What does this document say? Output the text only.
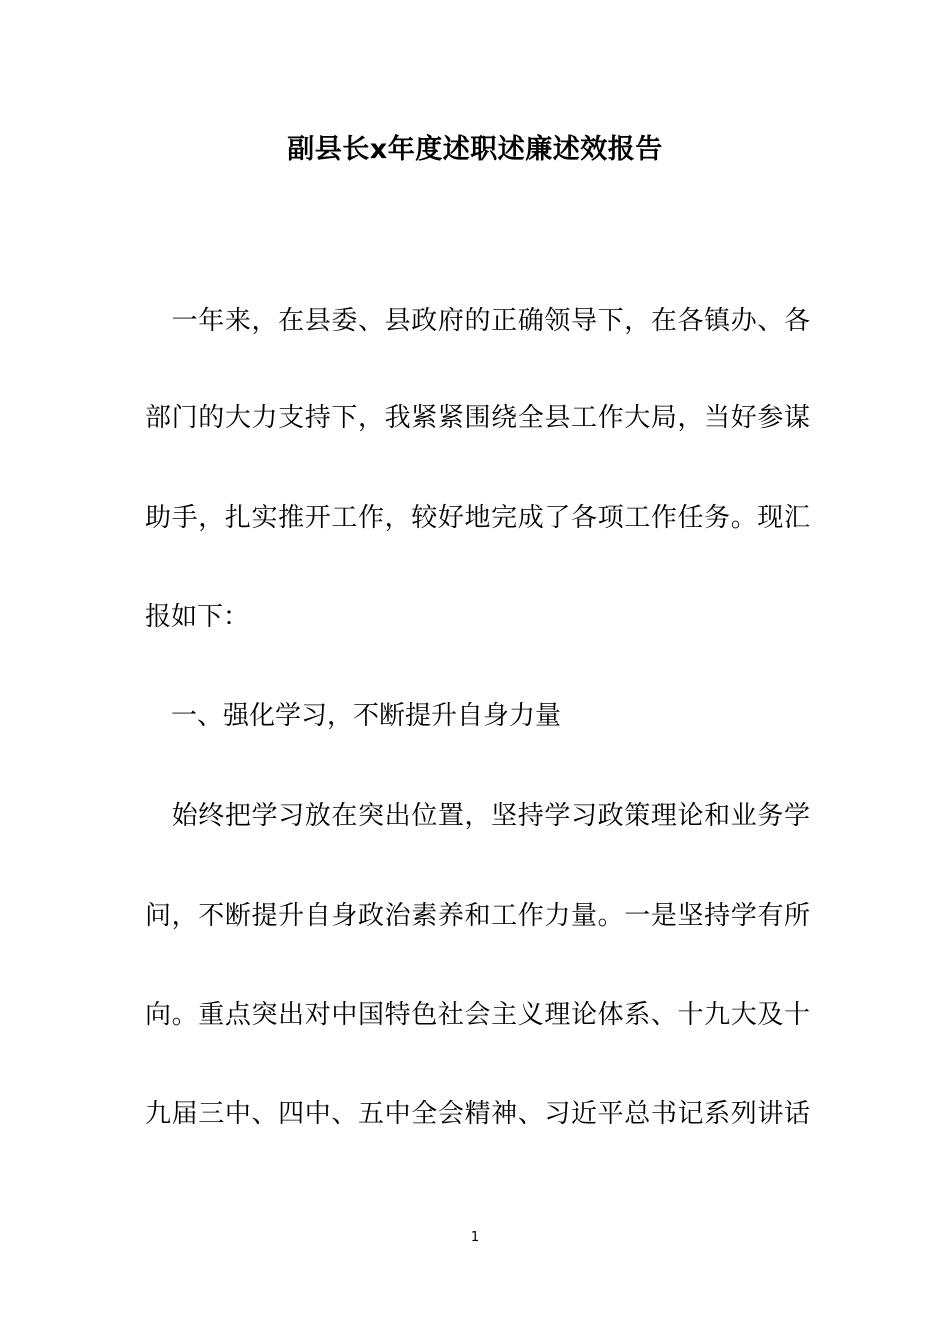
副县长x年度述职述廉述效报告
　一年来，在县委、县政府的正确领导下，在各镇办、各
部门的大力支持下，我紧紧围绕全县工作大局，当好参谋
助手，扎实推开工作，较好地完成了各项工作任务。现汇
报如下：
　一、强化学习，不断提升自身力量
　始终把学习放在突出位置，坚持学习政策理论和业务学
问，不断提升自身政治素养和工作力量。一是坚持学有所
向。重点突出对中国特色社会主义理论体系、十九大及十
九届三中、四中、五中全会精神、习近平总书记系列讲话
1
